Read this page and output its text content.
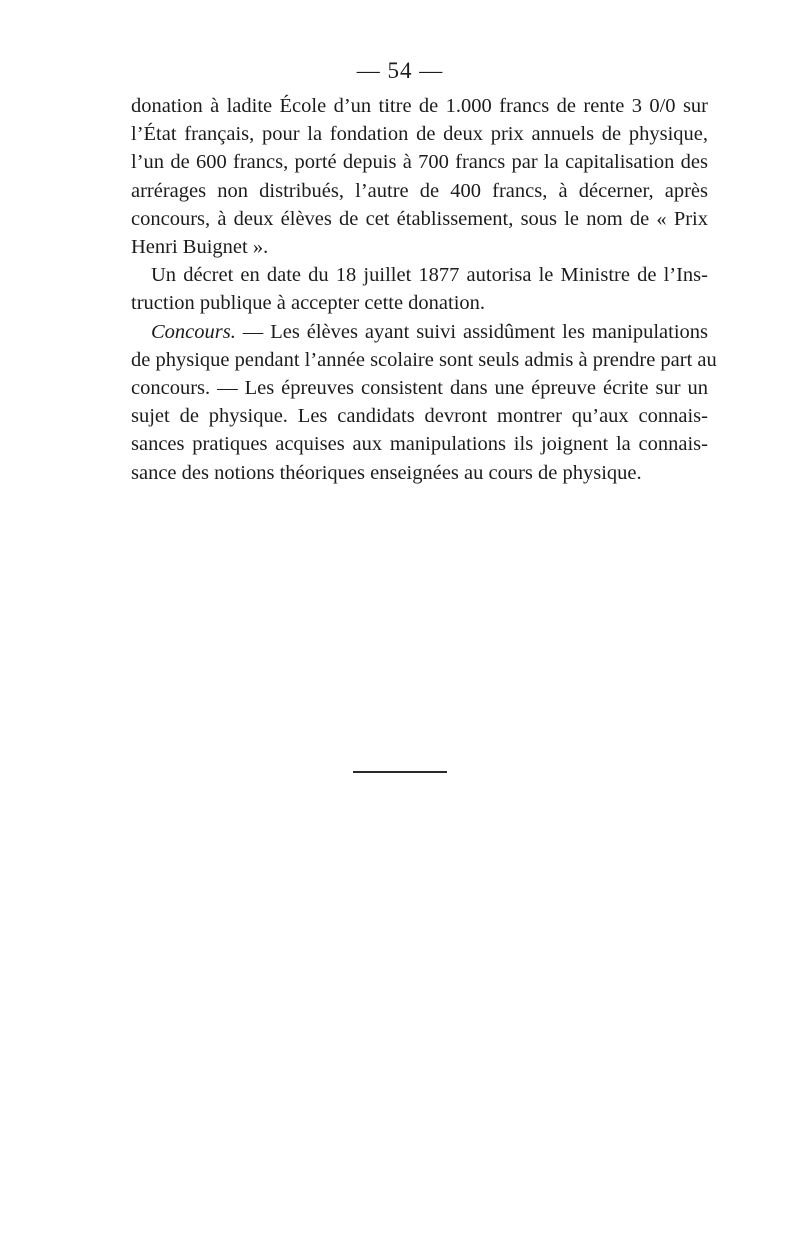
— 54 —
donation à ladite École d’un titre de 1.000 francs de rente 3 0/0 sur
l’État français, pour la fondation de deux prix annuels de physique,
l’un de 600 francs, porté depuis à 700 francs par la capitalisation des
arrérages non distribués, l’autre de 400 francs, à décerner, après
concours, à deux élèves de cet établissement, sous le nom de « Prix
Henri Buignet ».
Un décret en date du 18 juillet 1877 autorisa le Ministre de l’Ins-
truction publique à accepter cette donation.
Concours. — Les élèves ayant suivi assidûment les manipulations
de physique pendant l’année scolaire sont seuls admis à prendre part au
concours. — Les épreuves consistent dans une épreuve écrite sur un
sujet de physique. Les candidats devront montrer qu’aux connais-
sances pratiques acquises aux manipulations ils joignent la connais-
sance des notions théoriques enseignées au cours de physique.
